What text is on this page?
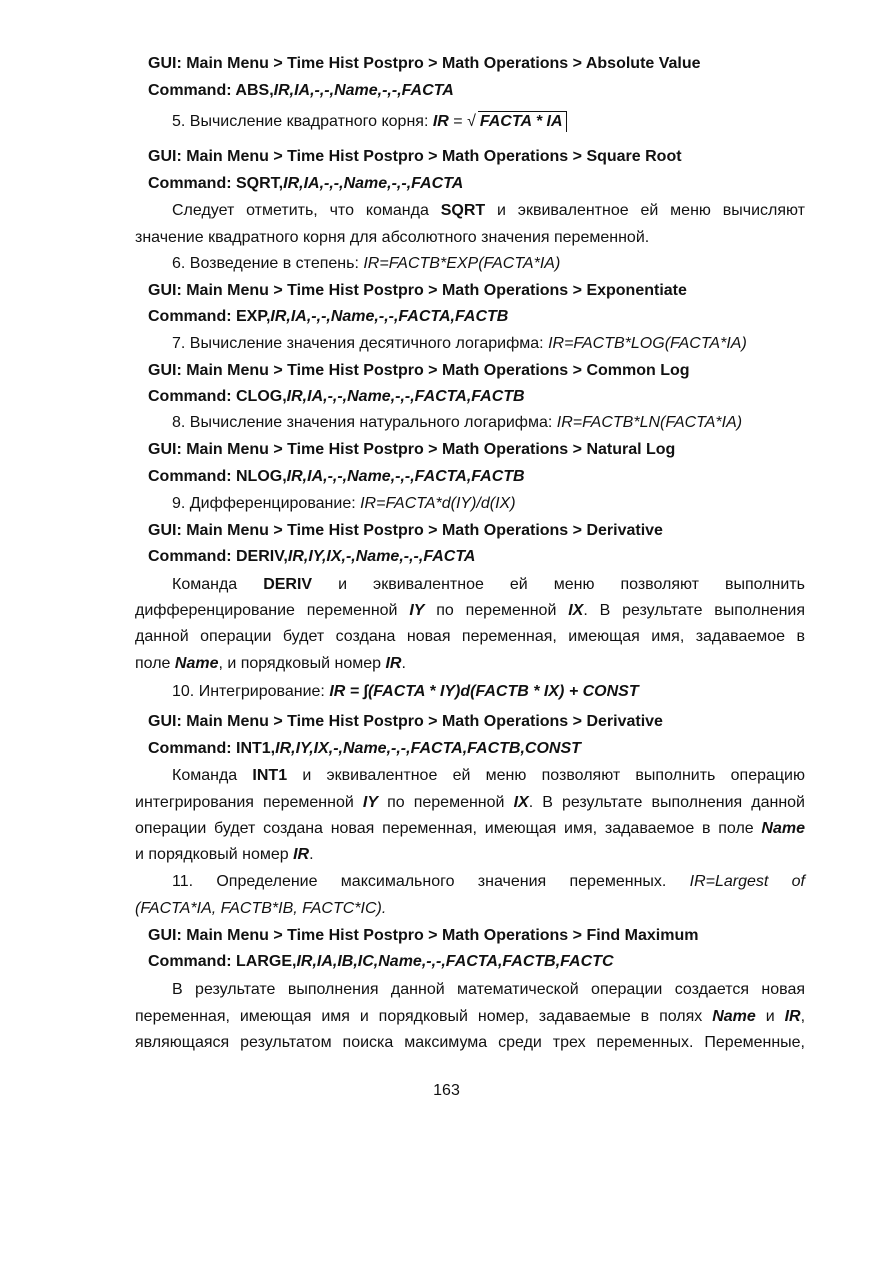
GUI: Main Menu > Time Hist Postpro > Math Operations > Absolute Value
Command: ABS,IR,IA,-,-,Name,-,-,FACTA
5. Вычисление квадратного корня: IR = √ FACTA * IA
GUI: Main Menu > Time Hist Postpro > Math Operations > Square Root
Command: SQRT,IR,IA,-,-,Name,-,-,FACTA
Следует отметить, что команда SQRT и эквивалентное ей меню вычисляют
значение квадратного корня для абсолютного значения переменной.
6. Возведение в степень: IR=FACTB*EXP(FACTA*IA)
GUI: Main Menu > Time Hist Postpro > Math Operations > Exponentiate
Command: EXP,IR,IA,-,-,Name,-,-,FACTA,FACTB
7. Вычисление значения десятичного логарифма: IR=FACTB*LOG(FACTA*IA)
GUI: Main Menu > Time Hist Postpro > Math Operations > Common Log
Command: CLOG,IR,IA,-,-,Name,-,-,FACTA,FACTB
8. Вычисление значения натурального логарифма: IR=FACTB*LN(FACTA*IA)
GUI: Main Menu > Time Hist Postpro > Math Operations > Natural Log
Command: NLOG,IR,IA,-,-,Name,-,-,FACTA,FACTB
9. Дифференцирование: IR=FACTA*d(IY)/d(IX)
GUI: Main Menu > Time Hist Postpro > Math Operations > Derivative
Command: DERIV,IR,IY,IX,-,Name,-,-,FACTA
Команда DERIV и эквивалентное ей меню позволяют выполнить
дифференцирование переменной IY по переменной IX. В результате выполнения
данной операции будет создана новая переменная, имеющая имя, задаваемое в
поле Name, и порядковый номер IR.
10. Интегрирование: IR = ∫(FACTA * IY)d(FACTB * IX) + CONST
GUI: Main Menu > Time Hist Postpro > Math Operations > Derivative
Command: INT1,IR,IY,IX,-,Name,-,-,FACTA,FACTB,CONST
Команда INT1 и эквивалентное ей меню позволяют выполнить операцию
интегрирования переменной IY по переменной IX. В результате выполнения данной
операции будет создана новая переменная, имеющая имя, задаваемое в поле Name
и порядковый номер IR.
11. Определение максимального значения переменных. IR=Largest of
(FACTA*IA, FACTB*IB, FACTC*IC).
GUI: Main Menu > Time Hist Postpro > Math Operations > Find Maximum
Command: LARGE,IR,IA,IB,IC,Name,-,-,FACTA,FACTB,FACTC
В результате выполнения данной математической операции создается новая
переменная, имеющая имя и порядковый номер, задаваемые в полях Name и IR,
являющаяся результатом поиска максимума среди трех переменных. Переменные,
163
